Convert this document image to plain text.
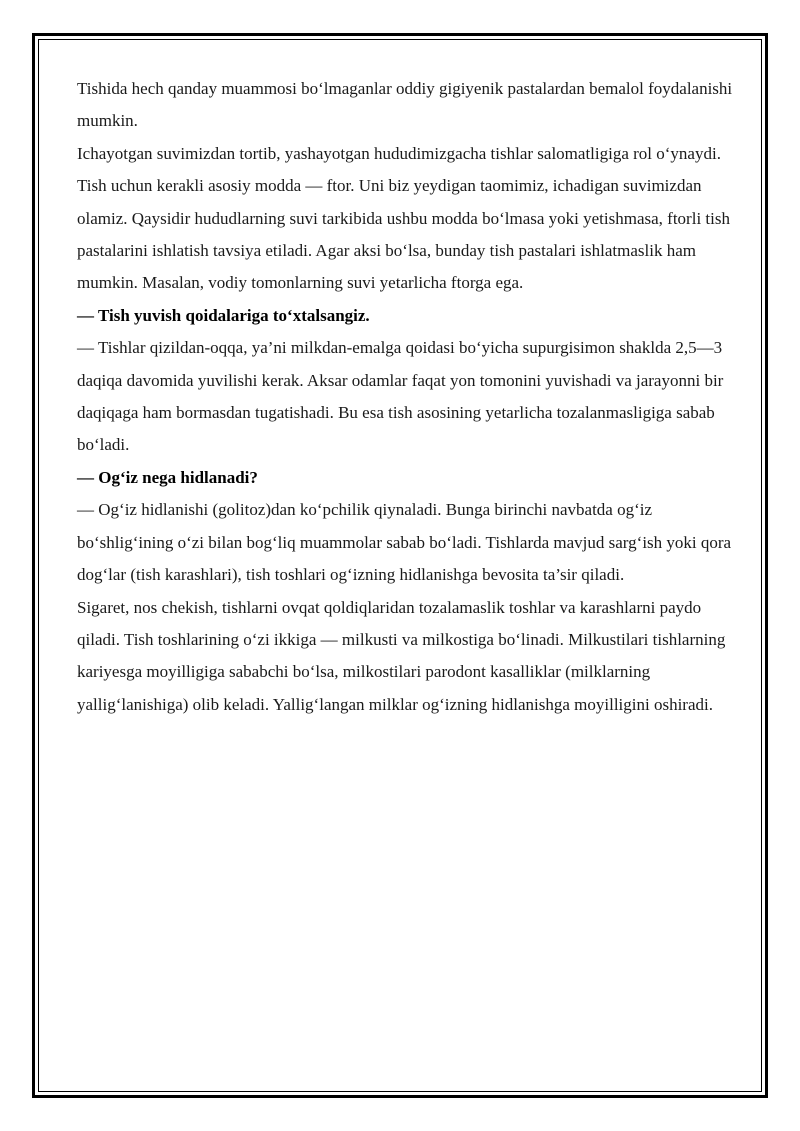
Tishida hech qanday muammosi bo‘lmaganlar oddiy gigiyenik pastalardan bemalol foydalanishi mumkin.

Ichayotgan suvimizdan tortib, yashayotgan hududimizgacha tishlar salomatligiga rol o‘ynaydi. Tish uchun kerakli asosiy modda — ftor. Uni biz yeydigan taomimiz, ichadigan suvimizdan olamiz. Qaysidir hududlarning suvi tarkibida ushbu modda bo‘lmasa yoki yetishmasa, ftorli tish pastalarini ishlatish tavsiya etiladi. Agar aksi bo‘lsa, bunday tish pastalari ishlatmaslik ham mumkin. Masalan, vodiy tomonlarning suvi yetarlicha ftorga ega.

— Tish yuvish qoidalariga to‘xtalsangiz.

— Tishlar qizildan-oqqa, ya’ni milkdan-emalga qoidasi bo‘yicha supurgisimon shaklda 2,5—3 daqiqa davomida yuvilishi kerak. Aksar odamlar faqat yon tomonini yuvishadi va jarayonni bir daqiqaga ham bormasdan tugatishadi. Bu esa tish asosining yetarlicha tozalanmasligiga sabab bo‘ladi.

— Og‘iz nega hidlanadi?

— Og‘iz hidlanishi (golitoz)dan ko‘pchilik qiynaladi. Bunga birinchi navbatda og‘iz bo‘shlig‘ining o‘zi bilan bog‘liq muammolar sabab bo‘ladi. Tishlarda mavjud sarg‘ish yoki qora dog‘lar (tish karashlari), tish toshlari og‘izning hidlanishga bevosita ta’sir qiladi.

Sigaret, nos chekish, tishlarni ovqat qoldiqlaridan tozalamaslik toshlar va karashlarni paydo qiladi. Tish toshlarining o‘zi ikkiga — milkusti va milkostiga bo‘linadi. Milkustilari tishlarning kariyesga moyilligiga sababchi bo‘lsa, milkostilari parodont kasalliklar (milklarning yallig‘lanishiga) olib keladi. Yallig‘langan milklar og‘izning hidlanishga moyilligini oshiradi.
